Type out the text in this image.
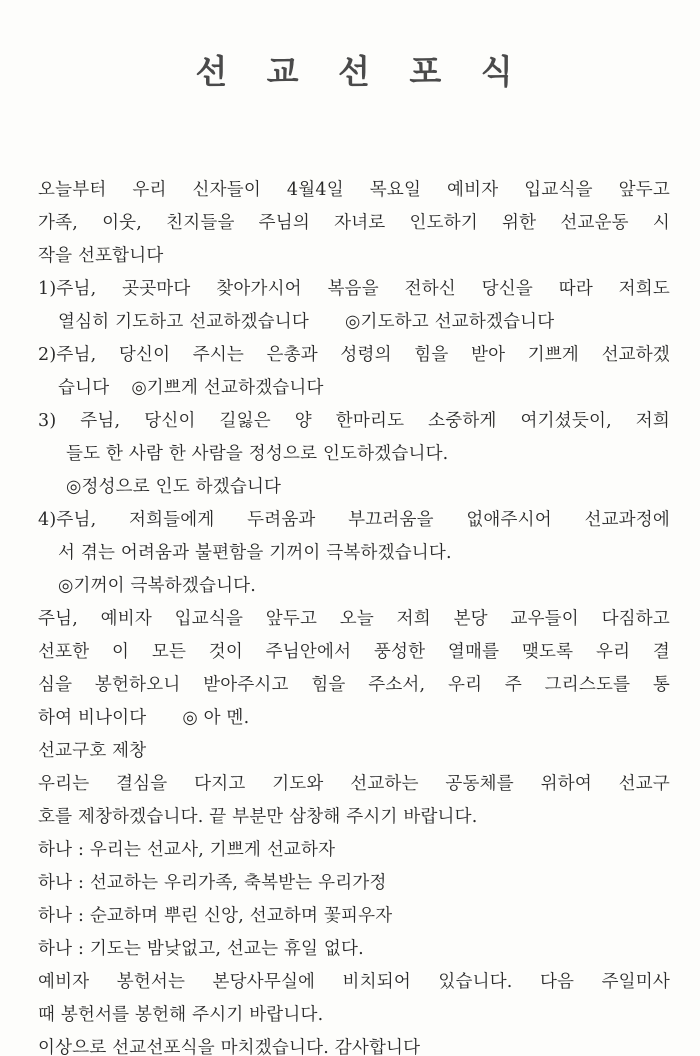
선 교 선 포 식
오늘부터 우리 신자들이 4월4일 목요일 예비자 입교식을 앞두고
가족, 이웃, 친지들을 주님의 자녀로 인도하기 위한 선교운동 시
작을 선포합니다
1)주님, 곳곳마다 찾아가시어 복음을 전하신 당신을 따라 저희도
열심히 기도하고 선교하겠습니다 ◎기도하고 선교하겠습니다
2)주님, 당신이 주시는 은총과 성령의 힘을 받아 기쁘게 선교하겠
습니다 ◎기쁘게 선교하겠습니다
3) 주님, 당신이 길잃은 양 한마리도 소중하게 여기셨듯이, 저희
들도 한 사람 한 사람을 정성으로 인도하겠습니다.
◎정성으로 인도 하겠습니다
4)주님, 저희들에게 두려움과 부끄러움을 없애주시어 선교과정에
서 겪는 어려움과 불편함을 기꺼이 극복하겠습니다.
◎기꺼이 극복하겠습니다.
주님, 예비자 입교식을 앞두고 오늘 저희 본당 교우들이 다짐하고
선포한 이 모든 것이 주님안에서 풍성한 열매를 맺도록 우리 결
심을 봉헌하오니 받아주시고 힘을 주소서, 우리 주 그리스도를 통
하여 비나이다 ◎ 아 멘.
선교구호 제창
우리는 결심을 다지고 기도와 선교하는 공동체를 위하여 선교구
호를 제창하겠습니다. 끝 부분만 삼창해 주시기 바랍니다.
하나 : 우리는 선교사, 기쁘게 선교하자
하나 : 선교하는 우리가족, 축복받는 우리가정
하나 : 순교하며 뿌린 신앙, 선교하며 꽃피우자
하나 : 기도는 밤낮없고, 선교는 휴일 없다.
예비자 봉헌서는 본당사무실에 비치되어 있습니다. 다음 주일미사
때 봉헌서를 봉헌해 주시기 바랍니다.
이상으로 선교선포식을 마치겠습니다. 감사합니다
